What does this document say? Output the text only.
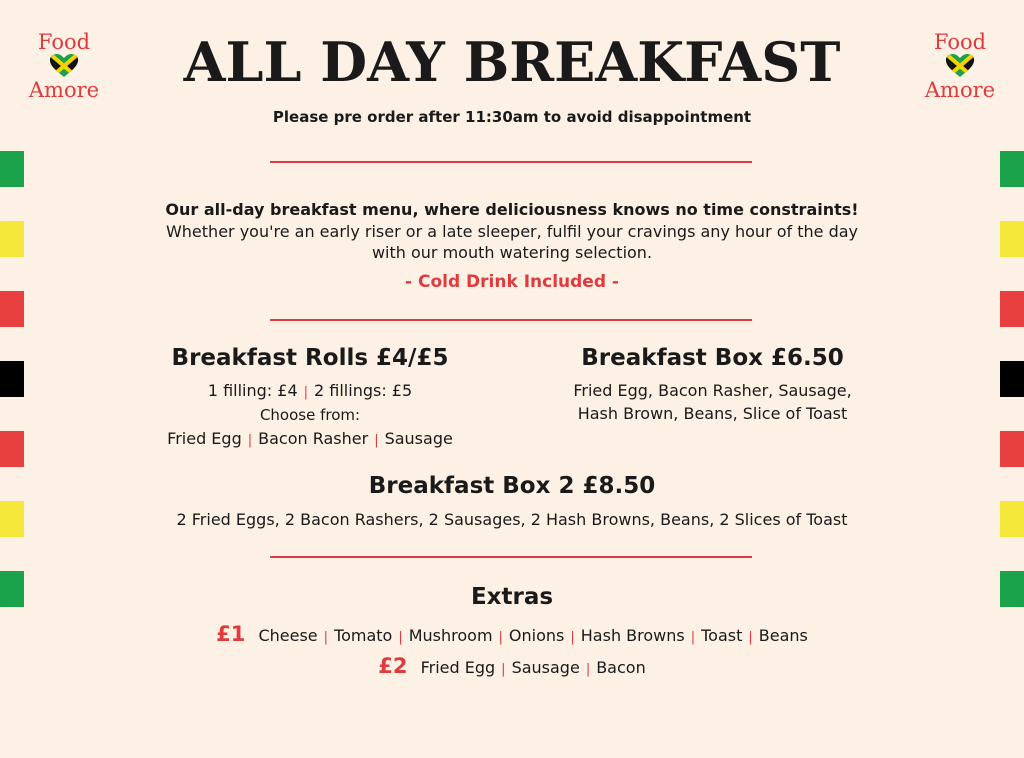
Food
Amore
Food
Amore
ALL DAY BREAKFAST
Please pre order after 11:30am to avoid disappointment
Our all-day breakfast menu, where deliciousness knows no time constraints!
Whether you're an early riser or a late sleeper, fulfil your cravings any hour of the day
with our mouth watering selection.
- Cold Drink Included -
Breakfast Rolls £4/£5
1 filling: £4 | 2 fillings: £5
Choose from:
Fried Egg | Bacon Rasher | Sausage
Breakfast Box £6.50
Fried Egg, Bacon Rasher, Sausage,
Hash Brown, Beans, Slice of Toast
Breakfast Box 2 £8.50
2 Fried Eggs, 2 Bacon Rashers, 2 Sausages, 2 Hash Browns, Beans, 2 Slices of Toast
Extras
£1 Cheese | Tomato | Mushroom | Onions | Hash Browns | Toast | Beans
£2 Fried Egg | Sausage | Bacon
